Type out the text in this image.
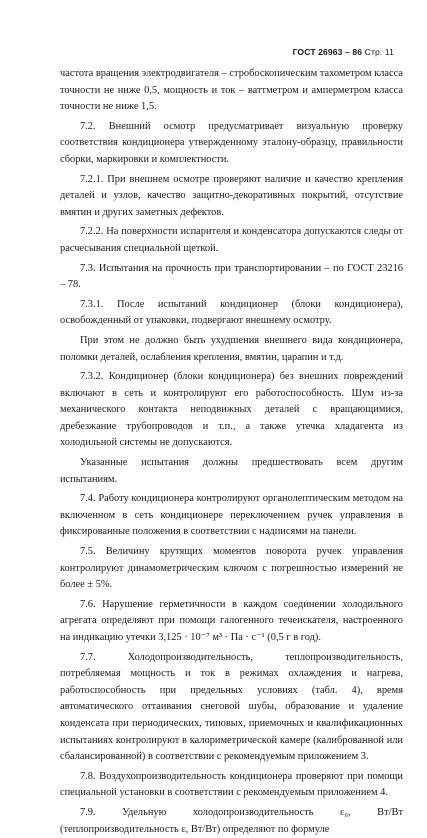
ГОСТ 26963 – 86 Стр. 11

частота вращения электродвигателя – стробоскопическим тахометром класса точности не ниже 0,5, мощность и ток – ваттметром и амперметром класса точности не ниже 1,5.

7.2. Внешний осмотр предусматривает визуальную проверку соответствия кондиционера утвержденному эталону-образцу, правильности сборки, маркировки и комплектности.

7.2.1. При внешнем осмотре проверяют наличие и качество крепления деталей и узлов, качество защитно-декоративных покрытий, отсутствие вмятин и других заметных дефектов.

7.2.2. На поверхности испарителя и конденсатора допускаются следы от расчесывания специальной щеткой.

7.3. Испытания на прочность при транспортировании – по ГОСТ 23216 – 78.

7.3.1. После испытаний кондиционер (блоки кондиционера), освобожденный от упаковки, подвергают внешнему осмотру.

При этом не должно быть ухудшения внешнего вида кондиционера, поломки деталей, ослабления крепления, вмятин, царапин и т.д.

7.3.2. Кондиционер (блоки кондиционера) без внешних повреждений включают в сеть и контролируют его работоспособность. Шум из-за механического контакта неподвижных деталей с вращающимися, дребезжание трубопроводов и т.п., а также утечка хладагента из холодильной системы не допускаются.

Указанные испытания должны предшествовать всем другим испытаниям.

7.4. Работу кондиционера контролируют органолептическим методом на включенном в сеть кондиционере переключением ручек управления в фиксированные положения в соответствии с надписями на панели.

7.5. Величину крутящих моментов поворота ручек управления контролируют динамометрическим ключом с погрешностью измерений не более ± 5%.

7.6. Нарушение герметичности в каждом соединении холодильного агрегата определяют при помощи галогенного течеискателя, настроенного на индикацию утечки 3,125 · 10⁻⁷ м³ · Па · с⁻¹ (0,5 г в год).

7.7. Холодопроизводительность, теплопроизводительность, потребляемая мощность и ток в режимах охлаждения и нагрева, работоспособность при предельных условиях (табл. 4), время автоматического оттаивания снеговой шубы, образование и удаление конденсата при периодических, типовых, приемочных и квалификационных испытаниях контролируют в калориметрической камере (калиброванной или сбалансированной) в соответствии с рекомендуемым приложением 3.

7.8. Воздухопроизводительность кондиционера проверяют при помощи специальной установки в соответствии с рекомендуемым приложением 4.

7.9. Удельную холодопроизводительность ε₀, Вт/Вт (теплопроизводительность ε, Вт/Вт) определяют по формуле
